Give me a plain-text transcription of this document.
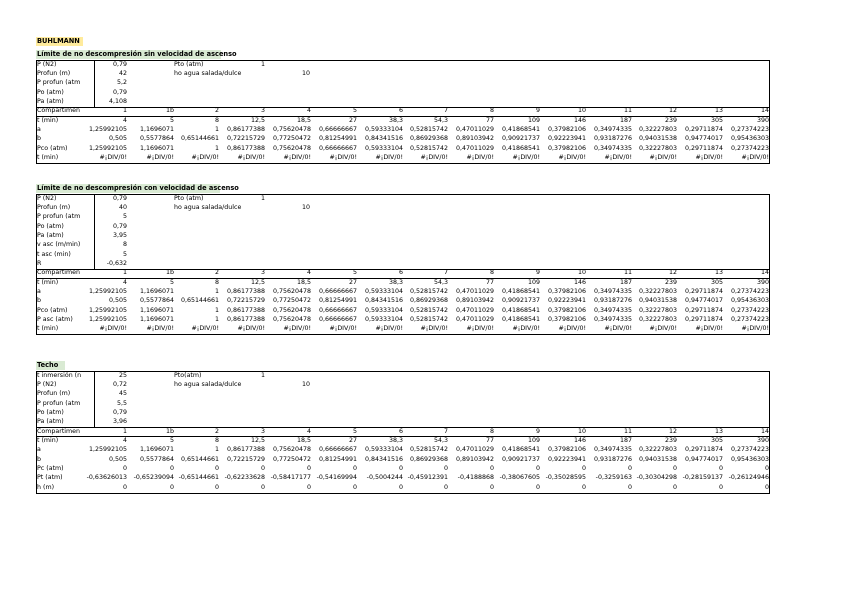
BUHLMANN
Límite de no descompresión sin velocidad de ascenso
P (N2)	0,79	Pto (atm)	1
Profun (m)	42	ho agua salada/dulce	10
P profun (atm	5,2
Po (atm)	0,79
Pa (atm)	4,108
Compartimen	1	1b	2	3	4	5	6	7	8	9	10	11	12	13	14
t (min)	4	5	8	12,5	18,5	27	38,3	54,3	77	109	146	187	239	305	390
a	1,25992105	1,1696071	1	0,86177388	0,75620478	0,66666667	0,59333104	0,52815742	0,47011029	0,41868541	0,37982106	0,34974335	0,32227803	0,29711874	0,27374223
b	0,505	0,5577864	0,65144661	0,72215729	0,77250472	0,81254991	0,84341516	0,86929368	0,89103942	0,90921737	0,92223941	0,93187276	0,94031538	0,94774017	0,95436303
Pco (atm)	1,25992105	1,1696071	1	0,86177388	0,75620478	0,66666667	0,59333104	0,52815742	0,47011029	0,41868541	0,37982106	0,34974335	0,32227803	0,29711874	0,27374223
t (min)	#¡DIV/0!	#¡DIV/0!	#¡DIV/0!	#¡DIV/0!	#¡DIV/0!	#¡DIV/0!	#¡DIV/0!	#¡DIV/0!	#¡DIV/0!	#¡DIV/0!	#¡DIV/0!	#¡DIV/0!	#¡DIV/0!	#¡DIV/0!	#¡DIV/0!
Límite de no descompresión con velocidad de ascenso
P (N2)	0,79	Pto (atm)	1
Profun (m)	40	ho agua salada/dulce	10
P profun (atm	5
Po (atm)	0,79
Pa (atm)	3,95
v asc (m/min)	8
t asc (min)	5
R	-0,632
Compartimen	1	1b	2	3	4	5	6	7	8	9	10	11	12	13	14
t (min)	4	5	8	12,5	18,5	27	38,3	54,3	77	109	146	187	239	305	390
a	1,25992105	1,1696071	1	0,86177388	0,75620478	0,66666667	0,59333104	0,52815742	0,47011029	0,41868541	0,37982106	0,34974335	0,32227803	0,29711874	0,27374223
b	0,505	0,5577864	0,65144661	0,72215729	0,77250472	0,81254991	0,84341516	0,86929368	0,89103942	0,90921737	0,92223941	0,93187276	0,94031538	0,94774017	0,95436303
Pco (atm)	1,25992105	1,1696071	1	0,86177388	0,75620478	0,66666667	0,59333104	0,52815742	0,47011029	0,41868541	0,37982106	0,34974335	0,32227803	0,29711874	0,27374223
P asc (atm)	1,25992105	1,1696071	1	0,86177388	0,75620478	0,66666667	0,59333104	0,52815742	0,47011029	0,41868541	0,37982106	0,34974335	0,32227803	0,29711874	0,27374223
t (min)	#¡DIV/0!	#¡DIV/0!	#¡DIV/0!	#¡DIV/0!	#¡DIV/0!	#¡DIV/0!	#¡DIV/0!	#¡DIV/0!	#¡DIV/0!	#¡DIV/0!	#¡DIV/0!	#¡DIV/0!	#¡DIV/0!	#¡DIV/0!	#¡DIV/0!
Techo
t inmersión (n	25	Pto(atm)	1
P (N2)	0,72	ho agua salada/dulce	10
Profun (m)	45
P profun (atm	5,5
Po (atm)	0,79
Pa (atm)	3,96
Compartimen	1	1b	2	3	4	5	6	7	8	9	10	11	12	13	14
t (min)	4	5	8	12,5	18,5	27	38,3	54,3	77	109	146	187	239	305	390
a	1,25992105	1,1696071	1	0,86177388	0,75620478	0,66666667	0,59333104	0,52815742	0,47011029	0,41868541	0,37982106	0,34974335	0,32227803	0,29711874	0,27374223
b	0,505	0,5577864	0,65144661	0,72215729	0,77250472	0,81254991	0,84341516	0,86929368	0,89103942	0,90921737	0,92223941	0,93187276	0,94031538	0,94774017	0,95436303
Pc (atm)	0	0	0	0	0	0	0	0	0	0	0	0	0	0	0
Pt (atm)	-0,63626013	-0,65239094 -0,65144661 -0,62233628 -0,58417177 -0,54169994	-0,5004244 -0,45912391	-0,4188868 -0,38067605 -0,35028595	-0,3259163 -0,30304298 -0,28159137 -0,26124946
h (m)	0	0	0	0	0	0	0	0	0	0	0	0	0	0	0
